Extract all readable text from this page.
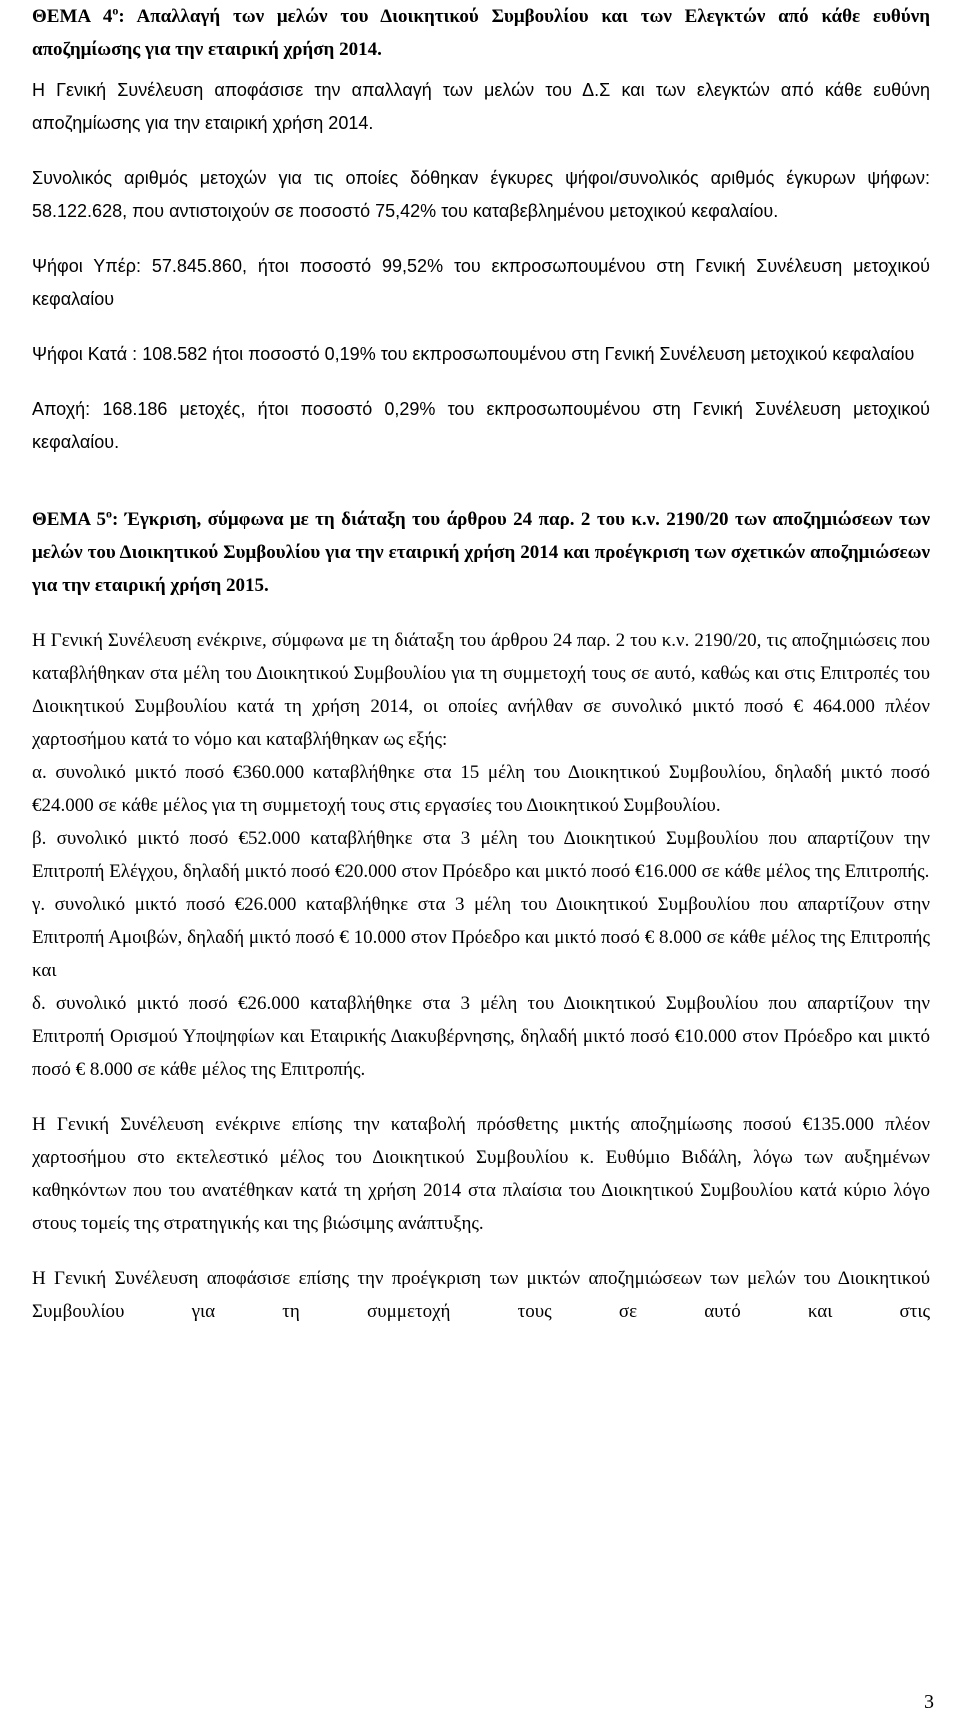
ΘΕΜΑ $4^o$: Απαλλαγή των μελών του Διοικητικού Συμβουλίου και των Ελεγκτών από κάθε ευθύνη αποζημίωσης για την εταιρική χρήση 2014.

Η Γενική Συνέλευση αποφάσισε την απαλλαγή των μελών του Δ.Σ και των ελεγκτών από κάθε ευθύνη αποζημίωσης για την εταιρική χρήση 2014.

Συνολικός αριθμός μετοχών για τις οποίες δόθηκαν έγκυρες ψήφοι/συνολικός αριθμός έγκυρων ψήφων: 58.122.628, που αντιστοιχούν σε ποσοστό 75,42% του καταβεβλημένου μετοχικού κεφαλαίου.

Ψήφοι Υπέρ: 57.845.860, ήτοι ποσοστό 99,52% του εκπροσωπουμένου στη Γενική Συνέλευση μετοχικού κεφαλαίου

Ψήφοι Κατά : 108.582 ήτοι ποσοστό 0,19% του εκπροσωπουμένου στη Γενική Συνέλευση μετοχικού κεφαλαίου

Αποχή: 168.186 μετοχές, ήτοι ποσοστό 0,29% του εκπροσωπουμένου στη Γενική Συνέλευση μετοχικού κεφαλαίου.

ΘΕΜΑ $5^o$: Έγκριση, σύμφωνα με τη διάταξη του άρθρου 24 παρ. 2 του κ.ν. 2190/20 των αποζημιώσεων των μελών του Διοικητικού Συμβουλίου για την εταιρική χρήση 2014 και προέγκριση των σχετικών αποζημιώσεων για την εταιρική χρήση 2015.

Η Γενική Συνέλευση ενέκρινε, σύμφωνα με τη διάταξη του άρθρου 24 παρ. 2 του κ.ν. 2190/20, τις αποζημιώσεις που καταβλήθηκαν στα μέλη του Διοικητικού Συμβουλίου για τη συμμετοχή τους σε αυτό, καθώς και στις Επιτροπές του Διοικητικού Συμβουλίου κατά τη χρήση 2014, οι οποίες ανήλθαν σε συνολικό μικτό ποσό € 464.000 πλέον χαρτοσήμου κατά το νόμο και καταβλήθηκαν ως εξής:

α. συνολικό μικτό ποσό €360.000 καταβλήθηκε στα 15 μέλη του Διοικητικού Συμβουλίου, δηλαδή μικτό ποσό €24.000 σε κάθε μέλος για τη συμμετοχή τους στις εργασίες του Διοικητικού Συμβουλίου.

β. συνολικό μικτό ποσό €52.000 καταβλήθηκε στα 3 μέλη του Διοικητικού Συμβουλίου που απαρτίζουν την Επιτροπή Ελέγχου, δηλαδή μικτό ποσό €20.000 στον Πρόεδρο και μικτό ποσό €16.000 σε κάθε μέλος της Επιτροπής.

γ. συνολικό μικτό ποσό €26.000 καταβλήθηκε στα 3 μέλη του Διοικητικού Συμβουλίου που απαρτίζουν στην Επιτροπή Αμοιβών, δηλαδή μικτό ποσό € 10.000 στον Πρόεδρο και μικτό ποσό € 8.000 σε κάθε μέλος της Επιτροπής και

δ. συνολικό μικτό ποσό €26.000 καταβλήθηκε στα 3 μέλη του Διοικητικού Συμβουλίου που απαρτίζουν την Επιτροπή Ορισμού Υποψηφίων και Εταιρικής Διακυβέρνησης, δηλαδή μικτό ποσό €10.000 στον Πρόεδρο και μικτό ποσό € 8.000 σε κάθε μέλος της Επιτροπής.

Η Γενική Συνέλευση ενέκρινε επίσης την καταβολή πρόσθετης μικτής αποζημίωσης ποσού €135.000 πλέον χαρτοσήμου στο εκτελεστικό μέλος του Διοικητικού Συμβουλίου κ. Ευθύμιο Βιδάλη, λόγω των αυξημένων καθηκόντων που του ανατέθηκαν κατά τη χρήση 2014 στα πλαίσια του Διοικητικού Συμβουλίου κατά κύριο λόγο στους τομείς της στρατηγικής και της βιώσιμης ανάπτυξης.

Η Γενική Συνέλευση αποφάσισε επίσης την προέγκριση των μικτών αποζημιώσεων των μελών του Διοικητικού Συμβουλίου για τη συμμετοχή τους σε αυτό και στις

3
